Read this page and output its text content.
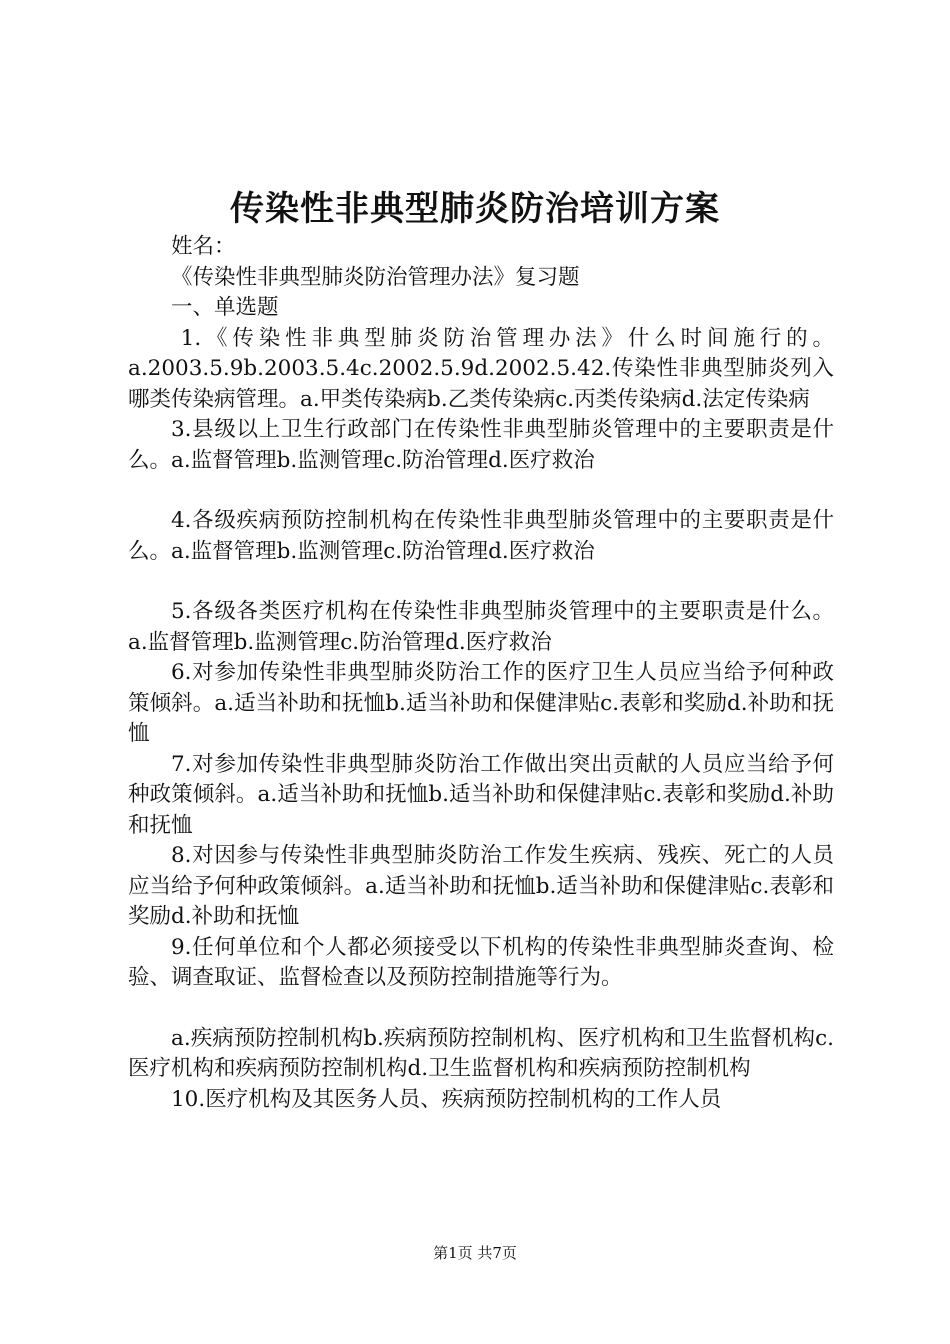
传染性非典型肺炎防治培训方案

姓名：

《传染性非典型肺炎防治管理办法》复习题

一、单选题

1.《传染性非典型肺炎防治管理办法》什么时间施行的。a.2003.5.9b.2003.5.4c.2002.5.9d.2002.5.42.传染性非典型肺炎列入哪类传染病管理。a.甲类传染病b.乙类传染病c.丙类传染病d.法定传染病

3.县级以上卫生行政部门在传染性非典型肺炎管理中的主要职责是什么。a.监督管理b.监测管理c.防治管理d.医疗救治

4.各级疾病预防控制机构在传染性非典型肺炎管理中的主要职责是什么。a.监督管理b.监测管理c.防治管理d.医疗救治

5.各级各类医疗机构在传染性非典型肺炎管理中的主要职责是什么。a.监督管理b.监测管理c.防治管理d.医疗救治

6.对参加传染性非典型肺炎防治工作的医疗卫生人员应当给予何种政策倾斜。a.适当补助和抚恤b.适当补助和保健津贴c.表彰和奖励d.补助和抚恤

7.对参加传染性非典型肺炎防治工作做出突出贡献的人员应当给予何种政策倾斜。a.适当补助和抚恤b.适当补助和保健津贴c.表彰和奖励d.补助和抚恤

8.对因参与传染性非典型肺炎防治工作发生疾病、残疾、死亡的人员应当给予何种政策倾斜。a.适当补助和抚恤b.适当补助和保健津贴c.表彰和奖励d.补助和抚恤

9.任何单位和个人都必须接受以下机构的传染性非典型肺炎查询、检验、调查取证、监督检查以及预防控制措施等行为。

a.疾病预防控制机构b.疾病预防控制机构、医疗机构和卫生监督机构c.医疗机构和疾病预防控制机构d.卫生监督机构和疾病预防控制机构

10.医疗机构及其医务人员、疾病预防控制机构的工作人员

第1页 共7页
